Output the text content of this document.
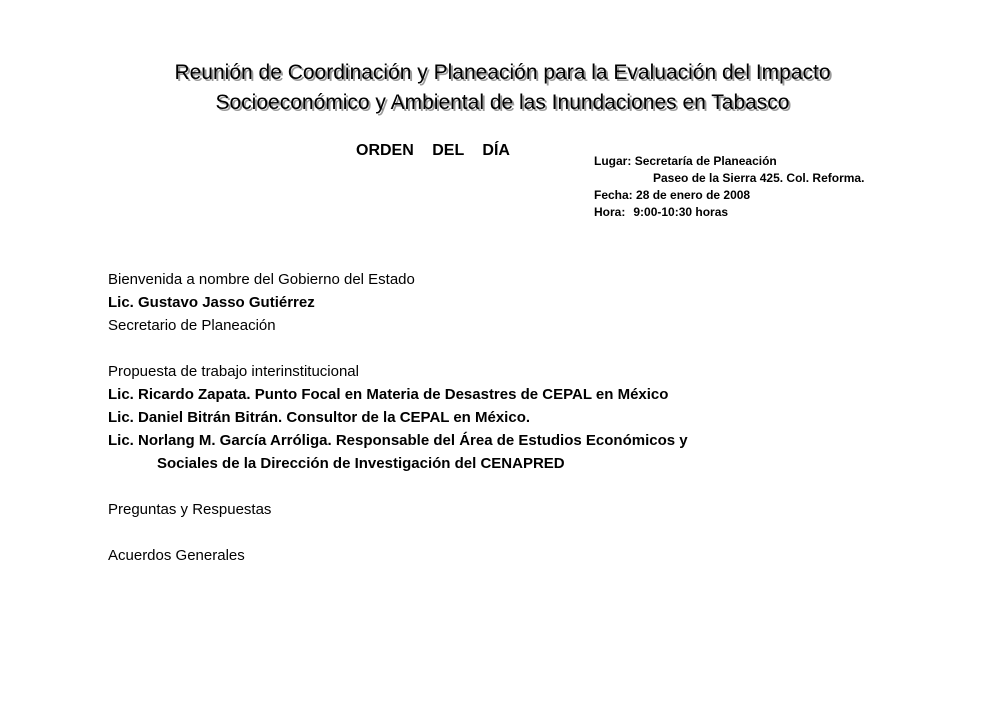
Reunión de Coordinación y Planeación para la Evaluación del Impacto
Socioeconómico y Ambiental de las Inundaciones en Tabasco
ORDEN DEL DÍA
Lugar: Secretaría de Planeación
Paseo de la Sierra 425. Col. Reforma.
Fecha: 28 de enero de 2008
Hora: 9:00-10:30 horas
Bienvenida a nombre del Gobierno del Estado
Lic. Gustavo Jasso Gutiérrez
Secretario de Planeación
Propuesta de trabajo interinstitucional
Lic. Ricardo Zapata. Punto Focal en Materia de Desastres de CEPAL en México
Lic. Daniel Bitrán Bitrán. Consultor de la CEPAL en México.
Lic. Norlang M. García Arróliga. Responsable del Área de Estudios Económicos y
Sociales de la Dirección de Investigación del CENAPRED
Preguntas y Respuestas
Acuerdos Generales
